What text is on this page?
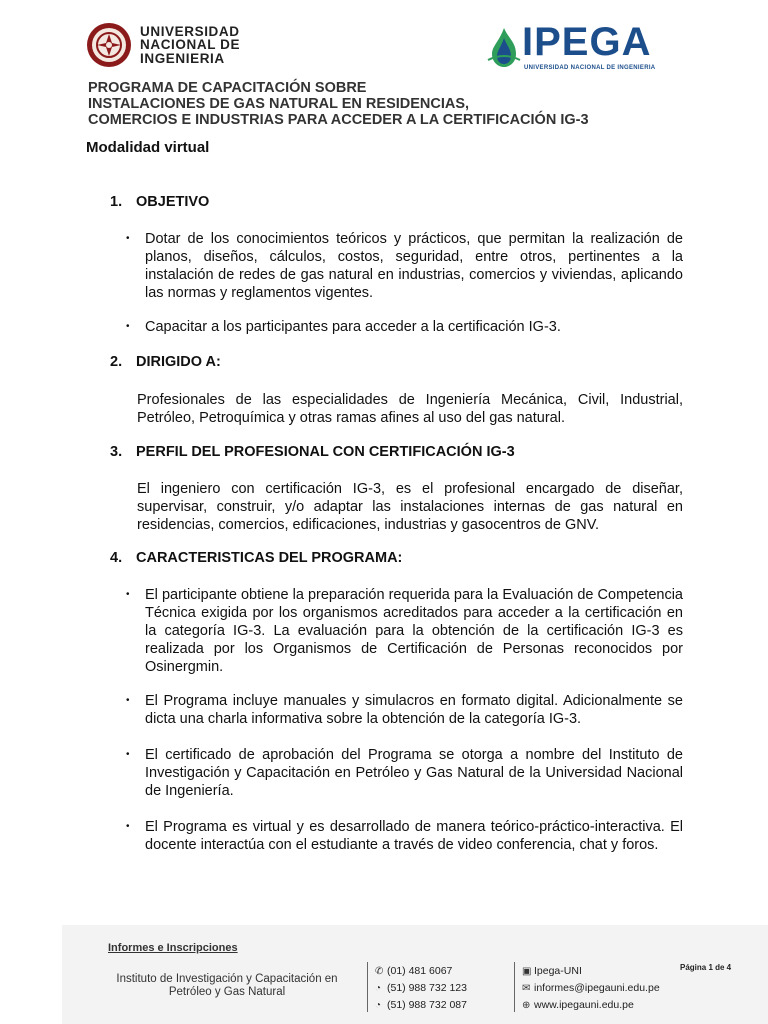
UNIVERSIDAD
NACIONAL DE
INGENIERIA	IPEGA
UNIVERSIDAD NACIONAL DE INGENIERIA
PROGRAMA DE CAPACITACIÓN SOBRE
INSTALACIONES DE GAS NATURAL EN RESIDENCIAS,
COMERCIOS E INDUSTRIAS PARA ACCEDER A LA CERTIFICACIÓN IG-3
Modalidad virtual
1. OBJETIVO
•	Dotar de los conocimientos teóricos y prácticos, que permitan la realización de planos, diseños, cálculos, costos, seguridad, entre otros, pertinentes a la instalación de redes de gas natural en industrias, comercios y viviendas, aplicando las normas y reglamentos vigentes.
•	Capacitar a los participantes para acceder a la certificación IG-3.
2. DIRIGIDO A:
Profesionales de las especialidades de Ingeniería Mecánica, Civil, Industrial, Petróleo, Petroquímica y otras ramas afines al uso del gas natural.
3. PERFIL DEL PROFESIONAL CON CERTIFICACIÓN IG-3
El ingeniero con certificación IG-3, es el profesional encargado de diseñar, supervisar, construir, y/o adaptar las instalaciones internas de gas natural en residencias, comercios, edificaciones, industrias y gasocentros de GNV.
4. CARACTERISTICAS DEL PROGRAMA:
•	El participante obtiene la preparación requerida para la Evaluación de Competencia Técnica exigida por los organismos acreditados para acceder a la certificación en la categoría IG-3. La evaluación para la obtención de la certificación IG-3 es realizada por los Organismos de Certificación de Personas reconocidos por Osinergmin.
•	El Programa incluye manuales y simulacros en formato digital. Adicionalmente se dicta una charla informativa sobre la obtención de la categoría IG-3.
•	El certificado de aprobación del Programa se otorga a nombre del Instituto de Investigación y Capacitación en Petróleo y Gas Natural de la Universidad Nacional de Ingeniería.
•	El Programa es virtual y es desarrollado de manera teórico-práctico-interactiva. El docente interactúa con el estudiante a través de video conferencia, chat y foros.
Informes e Inscripciones
Instituto de Investigación y Capacitación en Petróleo y Gas Natural
✆ (01) 481 6067
◔ (51) 988 732 123
◔ (51) 988 732 087
▣ Ipega-UNI
✉ informes@ipegauni.edu.pe
⊕ www.ipegauni.edu.pe
Página 1 de 4
